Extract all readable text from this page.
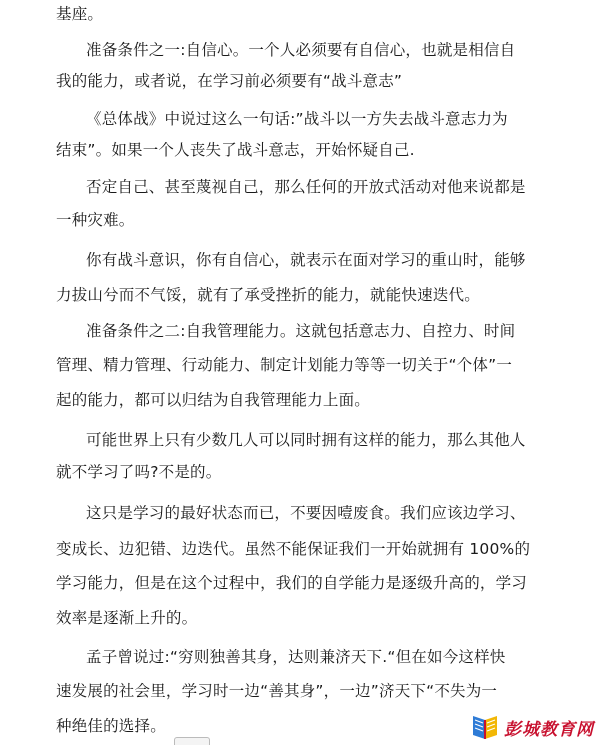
基座。
准备条件之一:自信心。一个人必须要有自信心，也就是相信自
我的能力，或者说，在学习前必须要有“战斗意志”
《总体战》中说过这么一句话:”战斗以一方失去战斗意志力为
结束”。如果一个人丧失了战斗意志，开始怀疑自己.
否定自己、甚至蔑视自己，那么任何的开放式活动对他来说都是
一种灾难。
你有战斗意识，你有自信心，就表示在面对学习的重山时，能够
力拔山兮而不气馁，就有了承受挫折的能力，就能快速迭代。
准备条件之二:自我管理能力。这就包括意志力、自控力、时间
管理、精力管理、行动能力、制定计划能力等等一切关于“个体”一
起的能力，都可以归结为自我管理能力上面。
可能世界上只有少数几人可以同时拥有这样的能力，那么其他人
就不学习了吗?不是的。
这只是学习的最好状态而已，不要因噎废食。我们应该边学习、
变成长、边犯错、边迭代。虽然不能保证我们一开始就拥有 100%的
学习能力，但是在这个过程中，我们的自学能力是逐级升高的，学习
效率是逐渐上升的。
孟子曾说过:“穷则独善其身，达则兼济天下.“但在如今这样快
速发展的社会里，学习时一边“善其身”，一边”济天下“不失为一
种绝佳的选择。	彭城教育网
